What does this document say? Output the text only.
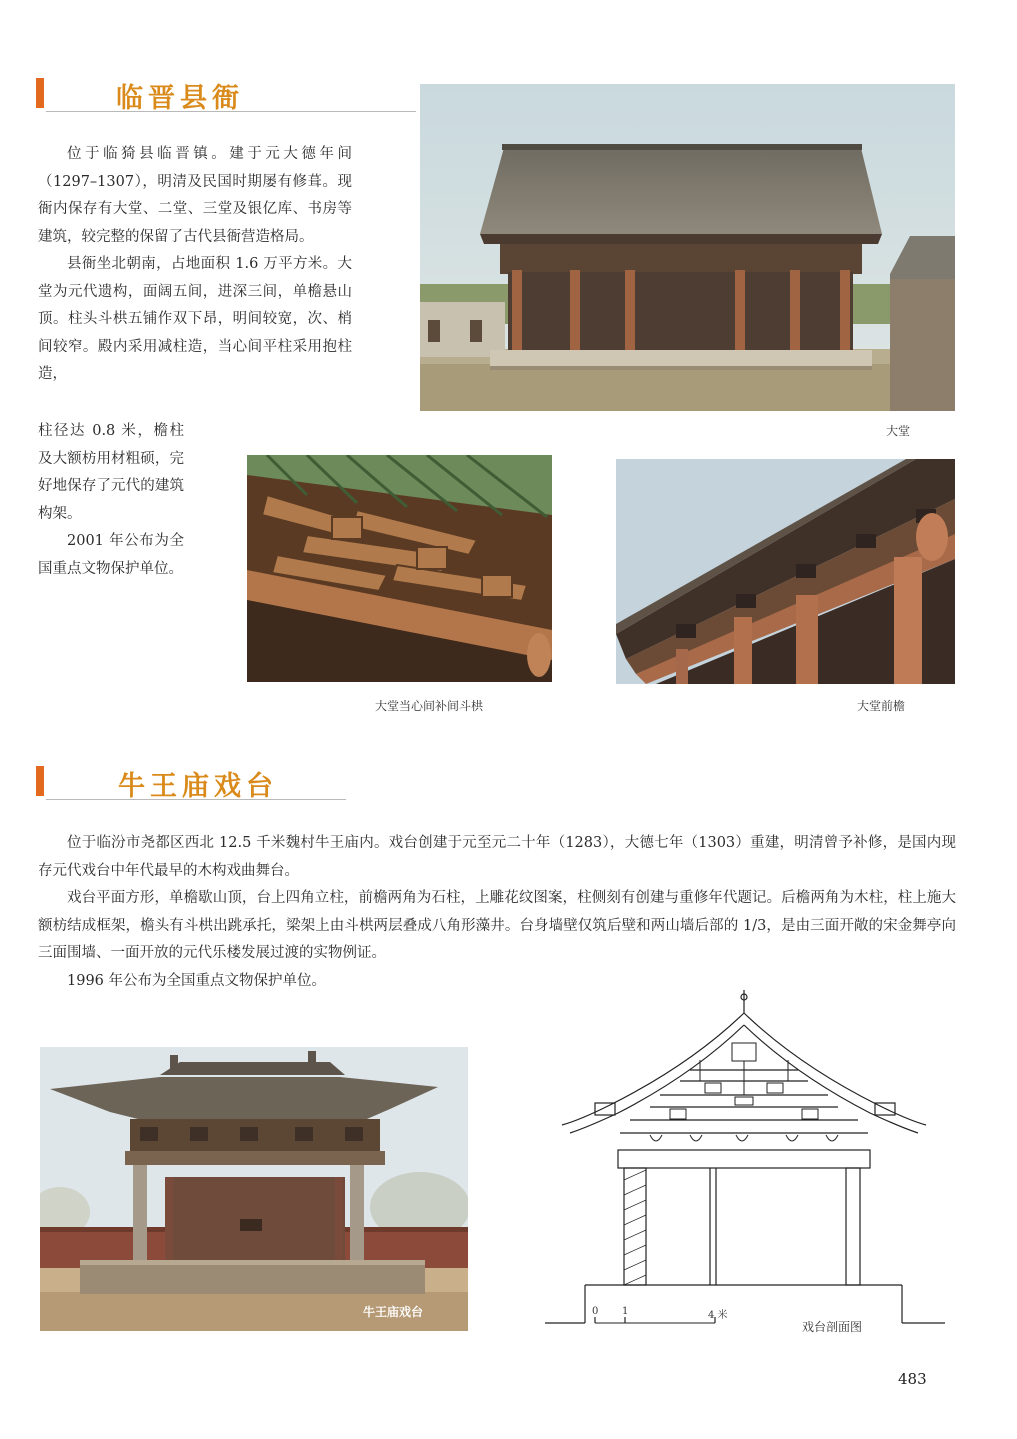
临晋县衙

位于临猗县临晋镇。建于元大德年间（1297–1307），明清及民国时期屡有修葺。现衙内保存有大堂、二堂、三堂及银亿库、书房等建筑，较完整的保留了古代县衙营造格局。

县衙坐北朝南，占地面积 1.6 万平方米。大堂为元代遗构，面阔五间，进深三间，单檐悬山顶。柱头斗栱五铺作双下昂，明间较宽，次、梢间较窄。殿内采用减柱造，当心间平柱采用抱柱造，

柱径达 0.8 米，檐柱及大额枋用材粗硕，完好地保存了元代的建筑构架。

2001 年公布为全国重点文物保护单位。

大堂
大堂当心间补间斗栱	大堂前檐
牛王庙戏台

位于临汾市尧都区西北 12.5 千米魏村牛王庙内。戏台创建于元至元二十年（1283），大德七年（1303）重建，明清曾予补修，是国内现存元代戏台中年代最早的木构戏曲舞台。

戏台平面方形，单檐歇山顶，台上四角立柱，前檐两角为石柱，上雕花纹图案，柱侧刻有创建与重修年代题记。后檐两角为木柱，柱上施大额枋结成框架，檐头有斗栱出跳承托，梁架上由斗栱两层叠成八角形藻井。台身墙壁仅筑后壁和两山墙后部的 1/3，是由三面开敞的宋金舞亭向三面围墙、一面开放的元代乐楼发展过渡的实物例证。

1996 年公布为全国重点文物保护单位。

牛王庙戏台	0 1	4 米
戏台剖面图
483
